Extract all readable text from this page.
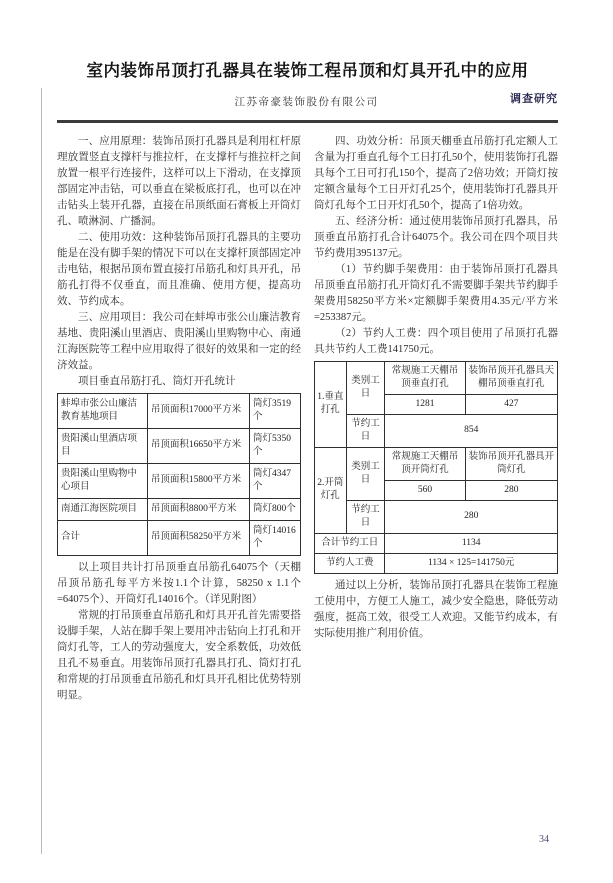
调查研究
室内装饰吊顶打孔器具在装饰工程吊顶和灯具开孔中的应用
江苏帝豪装饰股份有限公司

一、应用原理：装饰吊顶打孔器具是利用杠杆原理放置竖直支撑杆与推拉杆，在支撑杆与推拉杆之间放置一根平行连接件，这样可以上下滑动，在支撑顶部固定冲击钻，可以垂直在梁板底打孔，也可以在冲击钻头上装开孔器，直接在吊顶纸面石膏板上开筒灯孔、喷淋洞、广播洞。

二、使用功效：这种装饰吊顶打孔器具的主要功能是在没有脚手架的情况下可以在支撑杆顶部固定冲击电钻，根据吊顶布置直接打吊筋孔和灯具开孔，吊筋孔打得不仅垂直，而且准确、使用方便，提高功效、节约成本。

三、应用项目：我公司在蚌埠市张公山廉洁教育基地、贵阳溪山里酒店、贵阳溪山里购物中心、南通江海医院等工程中应用取得了很好的效果和一定的经济效益。

项目垂直吊筋打孔、筒灯开孔统计
蚌埠市张公山廉洁教育基地项目	吊顶面积17000平方米	筒灯3519个
贵阳溪山里酒店项目	吊顶面积16650平方米	筒灯5350个
贵阳溪山里购物中心项目	吊顶面积15800平方米	筒灯4347个
南通江海医院项目	吊顶面积8800平方米	筒灯800个
合计	吊顶面积58250平方米	筒灯14016个

以上项目共计打吊顶垂直吊筋孔64075个（天棚吊顶吊筋孔每平方米按1.1个计算，58250 x 1.1个=64075个）、开筒灯孔14016个。（详见附图）

常规的打吊顶垂直吊筋孔和灯具开孔首先需要搭设脚手架，人站在脚手架上要用冲击钻向上打孔和开筒灯孔等，工人的劳动强度大，安全系数低，功效低且孔不易垂直。用装饰吊顶打孔器具打孔、筒灯打孔和常规的打吊顶垂直吊筋孔和灯具开孔相比优势特别明显。

四、功效分析：吊顶天棚垂直吊筋打孔定额人工含量为打垂直孔每个工日打孔50个，使用装饰打孔器具每个工日可打孔150个，提高了2倍功效；开筒灯按定额含量每个工日开灯孔25个，使用装饰打孔器具开筒灯孔每个工日开灯孔50个，提高了1倍功效。

五、经济分析：通过使用装饰吊顶打孔器具，吊顶垂直吊筋打孔合计64075个。我公司在四个项目共节约费用395137元。

（1）节约脚手架费用：由于装饰吊顶打孔器具吊顶垂直吊筋打孔开筒灯孔不需要脚手架共节约脚手架费用58250平方米×定额脚手架费用4.35元/平方米=253387元。

（2）节约人工费：四个项目使用了吊顶打孔器具共节约人工费141750元。

1.垂直打孔	类别工日	常规施工天棚吊顶垂直打孔	装饰吊顶开孔器具天棚吊顶垂直打孔
		1281	427
	节约工日	854	
2.开筒灯孔	类别工日	常规施工天棚吊顶开筒灯孔	装饰吊顶开孔器具开筒灯孔
		560	280
	节约工日	280	
合计节约工日		1134	
节约人工费		1134 × 125=141750元	

通过以上分析，装饰吊顶打孔器具在装饰工程施工使用中，方便工人施工，减少安全隐患，降低劳动强度，挺高工效，很受工人欢迎。又能节约成本，有实际使用推广利用价值。

34
